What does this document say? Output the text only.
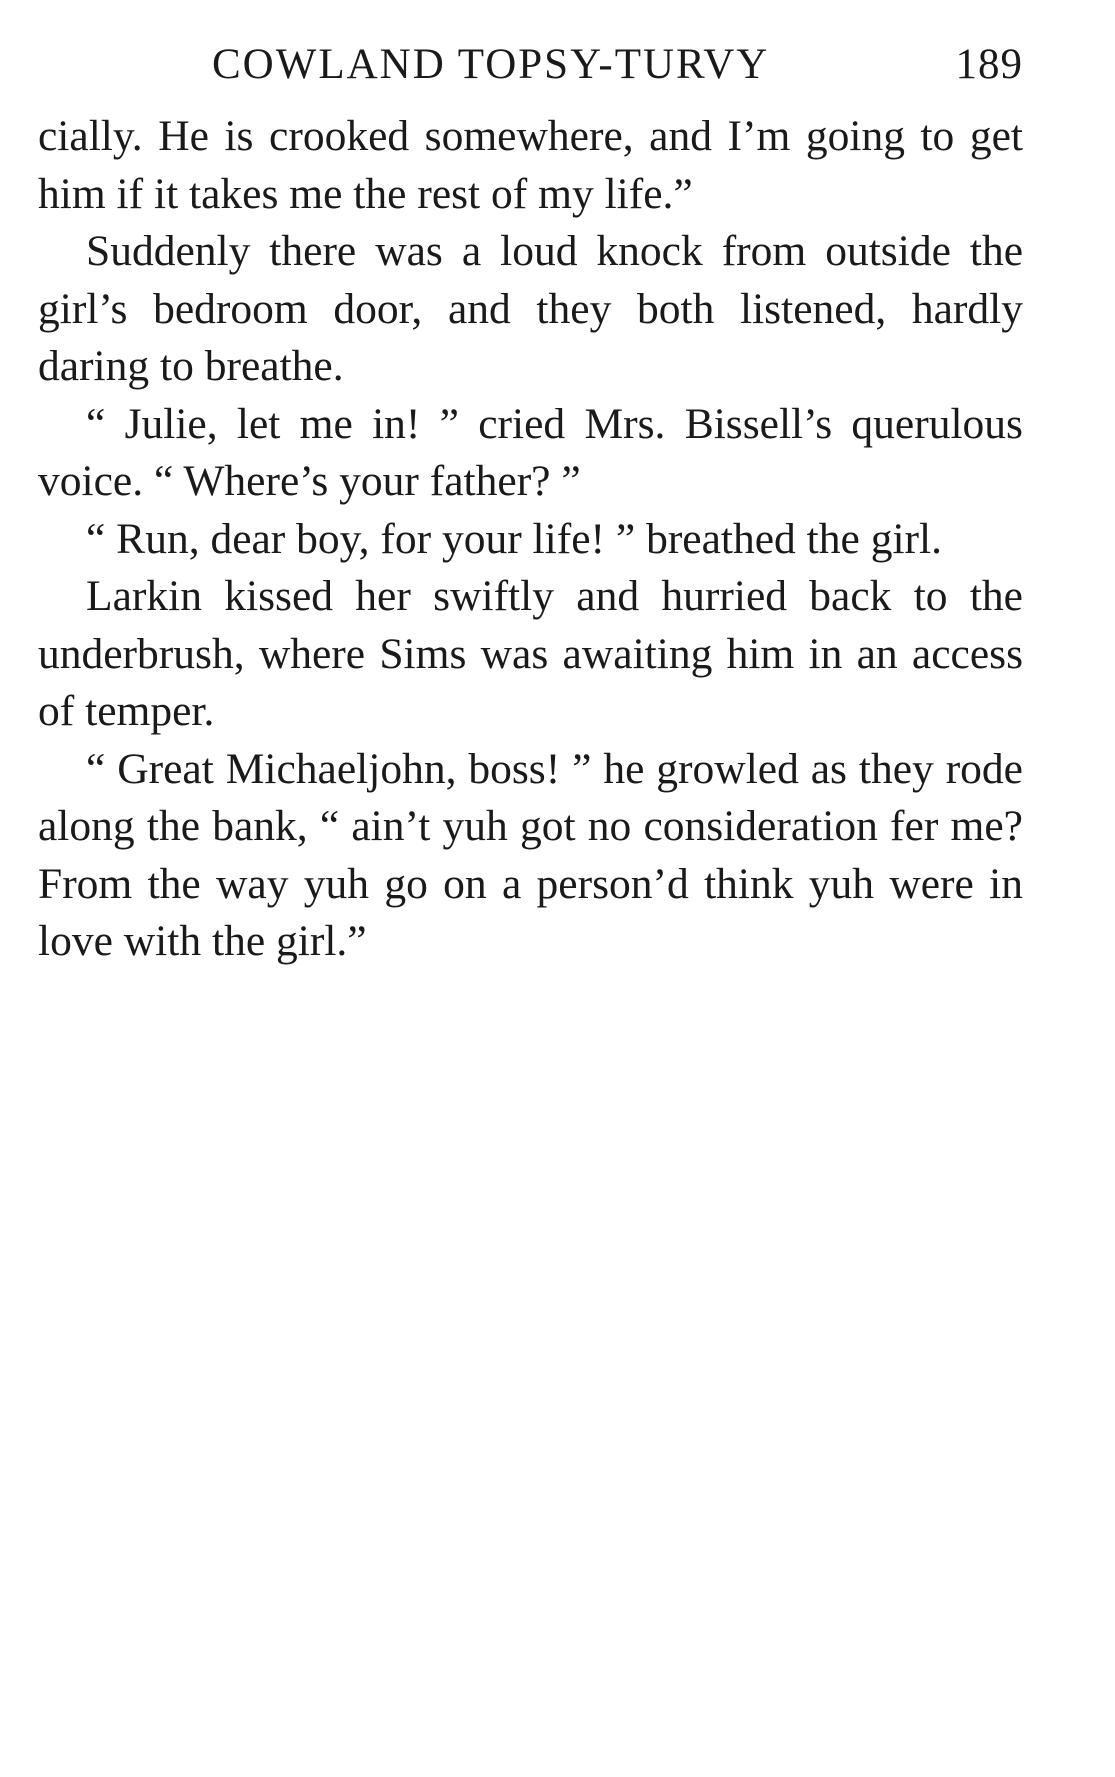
COWLAND TOPSY-TURVY	189

cially. He is crooked somewhere, and I’m going to get him if it takes me the rest of my life.”

Suddenly there was a loud knock from outside the girl’s bedroom door, and they both listened, hardly daring to breathe.

“ Julie, let me in! ” cried Mrs. Bissell’s querulous voice. “ Where’s your father? ”

“ Run, dear boy, for your life! ” breathed the girl.

Larkin kissed her swiftly and hurried back to the underbrush, where Sims was awaiting him in an access of temper.

“ Great Michaeljohn, boss! ” he growled as they rode along the bank, “ ain’t yuh got no consideration fer me? From the way yuh go on a person’d think yuh were in love with the girl.”
